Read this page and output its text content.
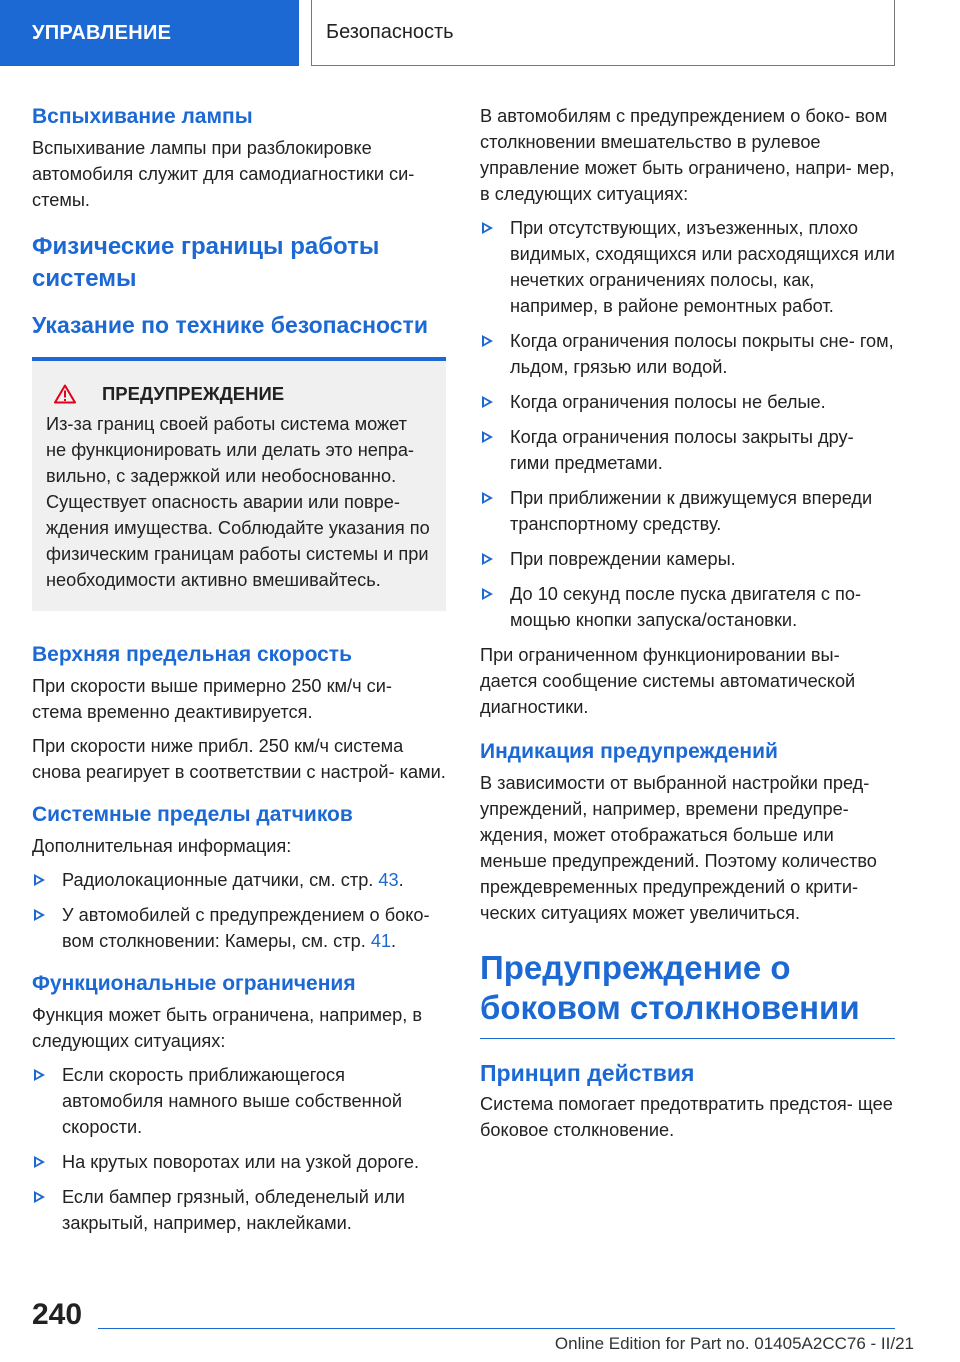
УПРАВЛЕНИЕ	Безопасность
Вспыхивание лампы

Вспыхивание лампы при разблокировке автомобиля служит для самодиагностики си- стемы.

Физические границы работы системы
Указание по технике безопасности
ПРЕДУПРЕЖДЕНИЕ

Из-за границ своей работы система может не функционировать или делать это непра- вильно, с задержкой или необоснованно. Существует опасность аварии или повре- ждения имущества. Соблюдайте указания по физическим границам работы системы и при необходимости активно вмешивайтесь.

Верхняя предельная скорость

При скорости выше примерно 250 км/ч си- стема временно деактивируется.

При скорости ниже прибл. 250 км/ч система снова реагирует в соответствии с настрой- ками.

Системные пределы датчиков

Дополнительная информация:

Радиолокационные датчики, см. стр. 43.
У автомобилей с предупреждением о боко- вом столкновении: Камеры, см. стр. 41.
Функциональные ограничения

Функция может быть ограничена, например, в следующих ситуациях:

Если скорость приближающегося автомобиля намного выше собственной скорости.
На крутых поворотах или на узкой дороге.
Если бампер грязный, обледенелый или закрытый, например, наклейками.

В автомобилям с предупреждением о боко- вом столкновении вмешательство в рулевое управление может быть ограничено, напри- мер, в следующих ситуациях:

При отсутствующих, изъезженных, плохо видимых, сходящихся или расходящихся или нечетких ограничениях полосы, как, например, в районе ремонтных работ.
Когда ограничения полосы покрыты сне- гом, льдом, грязью или водой.
Когда ограничения полосы не белые.
Когда ограничения полосы закрыты дру- гими предметами.
При приближении к движущемуся впереди транспортному средству.
При повреждении камеры.
До 10 секунд после пуска двигателя с по- мощью кнопки запуска/остановки.

При ограниченном функционировании вы- дается сообщение системы автоматической диагностики.

Индикация предупреждений

В зависимости от выбранной настройки пред- упреждений, например, времени предупре- ждения, может отображаться больше или меньше предупреждений. Поэтому количество преждевременных предупреждений о крити- ческих ситуациях может увеличиться.

Предупреждение о боковом столкновении
Принцип действия

Система помогает предотвратить предстоя- щее боковое столкновение.

240
Online Edition for Part no. 01405A2CC76 - II/21
